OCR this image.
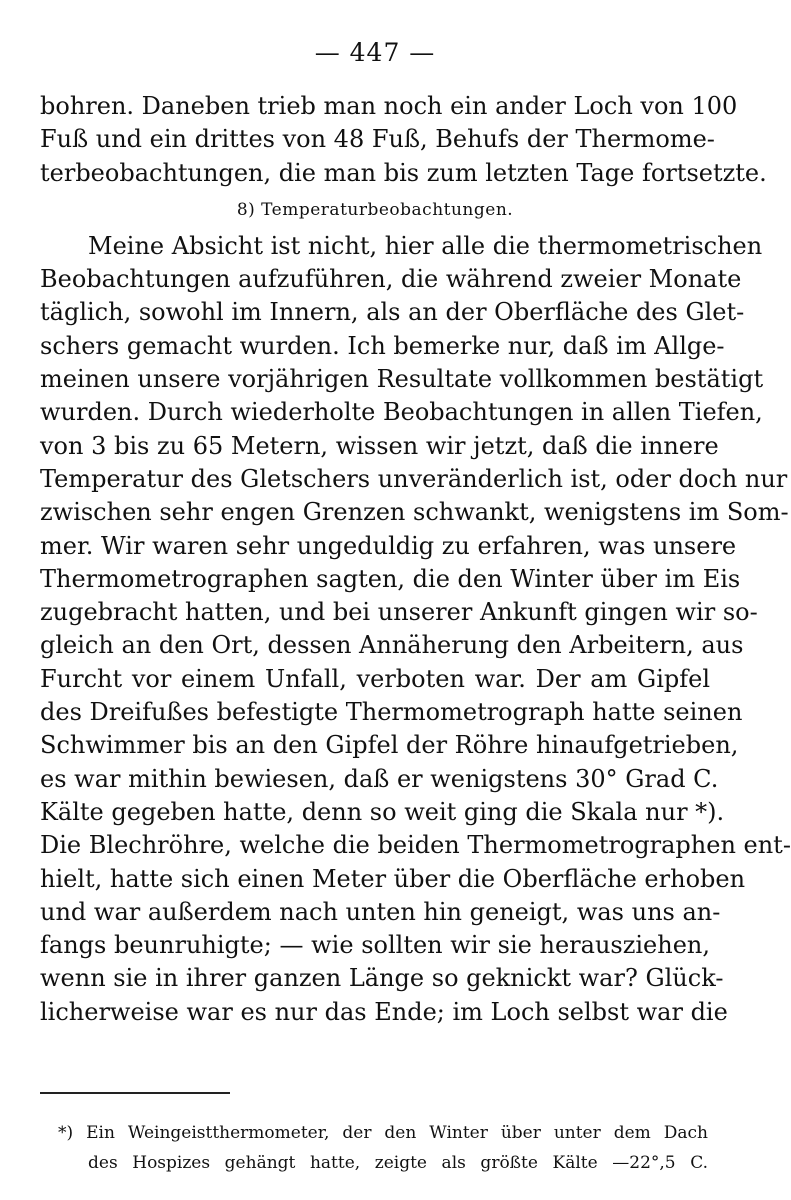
— 447 —
bohren. Daneben trieb man noch ein ander Loch von 100
Fuß und ein drittes von 48 Fuß, Behufs der Thermome-
terbeobachtungen, die man bis zum letzten Tage fortsetzte.
8) Temperaturbeobachtungen.
Meine Absicht ist nicht, hier alle die thermometrischen
Beobachtungen aufzuführen, die während zweier Monate
täglich, sowohl im Innern, als an der Oberfläche des Glet-
schers gemacht wurden. Ich bemerke nur, daß im Allge-
meinen unsere vorjährigen Resultate vollkommen bestätigt
wurden. Durch wiederholte Beobachtungen in allen Tiefen,
von 3 bis zu 65 Metern, wissen wir jetzt, daß die innere
Temperatur des Gletschers unveränderlich ist, oder doch nur
zwischen sehr engen Grenzen schwankt, wenigstens im Som-
mer. Wir waren sehr ungeduldig zu erfahren, was unsere
Thermometrographen sagten, die den Winter über im Eis
zugebracht hatten, und bei unserer Ankunft gingen wir so-
gleich an den Ort, dessen Annäherung den Arbeitern, aus
Furcht vor einem Unfall, verboten war. Der am Gipfel
des Dreifußes befestigte Thermometrograph hatte seinen
Schwimmer bis an den Gipfel der Röhre hinaufgetrieben,
es war mithin bewiesen, daß er wenigstens 30° Grad C.
Kälte gegeben hatte, denn so weit ging die Skala nur *).
Die Blechröhre, welche die beiden Thermometrographen ent-
hielt, hatte sich einen Meter über die Oberfläche erhoben
und war außerdem nach unten hin geneigt, was uns an-
fangs beunruhigte; — wie sollten wir sie herausziehen,
wenn sie in ihrer ganzen Länge so geknickt war? Glück-
licherweise war es nur das Ende; im Loch selbst war die
*) Ein Weingeistthermometer, der den Winter über unter dem Dach
des Hospizes gehängt hatte, zeigte als größte Kälte —22°,5 C.
